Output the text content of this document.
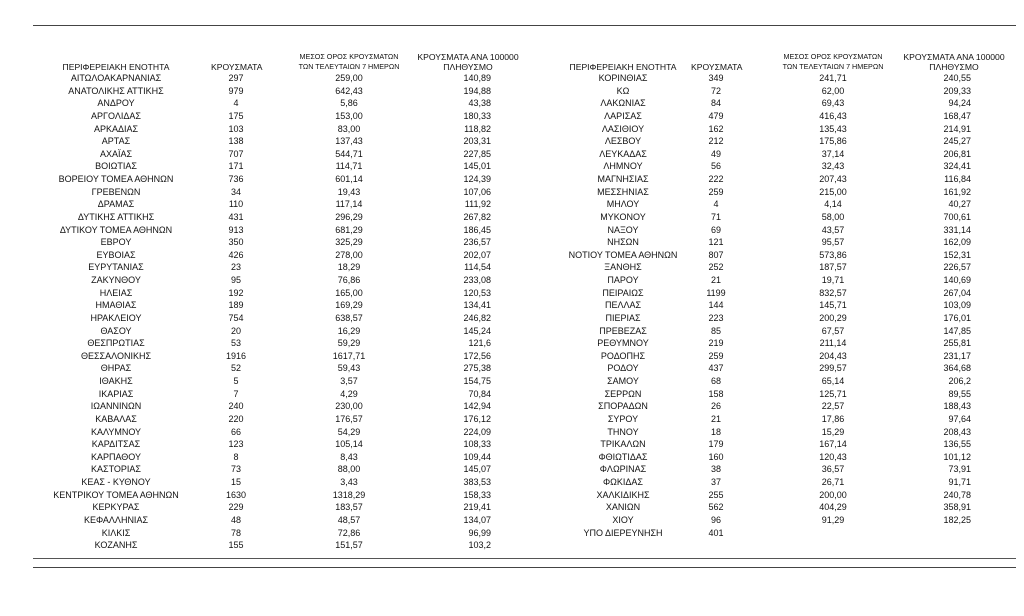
ΠΕΡΙΦΕΡΕΙΑΚΗ ΕΝΟΤΗΤΑ	ΚΡΟΥΣΜΑΤΑ
ΜΕΣΟΣ ΟΡΟΣ ΚΡΟΥΣΜΑΤΩΝ
ΤΩΝ ΤΕΛΕΥΤΑΙΩΝ 7 ΗΜΕΡΩΝ
ΚΡΟΥΣΜΑΤΑ ΑΝΑ 100000
ΠΛΗΘΥΣΜΟ
ΑΙΤΩΛΟΑΚΑΡΝΑΝΙΑΣ	297	259,00	140,89
ΑΝΑΤΟΛΙΚΗΣ ΑΤΤΙΚΗΣ	979	642,43	194,88
ΑΝΔΡΟΥ	4	5,86	43,38
ΑΡΓΟΛΙΔΑΣ	175	153,00	180,33
ΑΡΚΑΔΙΑΣ	103	83,00	118,82
ΑΡΤΑΣ	138	137,43	203,31
ΑΧΑΪΑΣ	707	544,71	227,85
ΒΟΙΩΤΙΑΣ	171	114,71	145,01
ΒΟΡΕΙΟΥ ΤΟΜΕΑ ΑΘΗΝΩΝ	736	601,14	124,39
ΓΡΕΒΕΝΩΝ	34	19,43	107,06
ΔΡΑΜΑΣ	110	117,14	111,92
ΔΥΤΙΚΗΣ ΑΤΤΙΚΗΣ	431	296,29	267,82
ΔΥΤΙΚΟΥ ΤΟΜΕΑ ΑΘΗΝΩΝ	913	681,29	186,45
ΕΒΡΟΥ	350	325,29	236,57
ΕΥΒΟΙΑΣ	426	278,00	202,07
ΕΥΡΥΤΑΝΙΑΣ	23	18,29	114,54
ΖΑΚΥΝΘΟΥ	95	76,86	233,08
ΗΛΕΙΑΣ	192	165,00	120,53
ΗΜΑΘΙΑΣ	189	169,29	134,41
ΗΡΑΚΛΕΙΟΥ	754	638,57	246,82
ΘΑΣΟΥ	20	16,29	145,24
ΘΕΣΠΡΩΤΙΑΣ	53	59,29	121,6
ΘΕΣΣΑΛΟΝΙΚΗΣ	1916	1617,71	172,56
ΘΗΡΑΣ	52	59,43	275,38
ΙΘΑΚΗΣ	5	3,57	154,75
ΙΚΑΡΙΑΣ	7	4,29	70,84
ΙΩΑΝΝΙΝΩΝ	240	230,00	142,94
ΚΑΒΑΛΑΣ	220	176,57	176,12
ΚΑΛΥΜΝΟΥ	66	54,29	224,09
ΚΑΡΔΙΤΣΑΣ	123	105,14	108,33
ΚΑΡΠΑΘΟΥ	8	8,43	109,44
ΚΑΣΤΟΡΙΑΣ	73	88,00	145,07
ΚΕΑΣ - ΚΥΘΝΟΥ	15	3,43	383,53
ΚΕΝΤΡΙΚΟΥ ΤΟΜΕΑ ΑΘΗΝΩΝ	1630	1318,29	158,33
ΚΕΡΚΥΡΑΣ	229	183,57	219,41
ΚΕΦΑΛΛΗΝΙΑΣ	48	48,57	134,07
ΚΙΛΚΙΣ	78	72,86	96,99
ΚΟΖΑΝΗΣ	155	151,57	103,2
ΠΕΡΙΦΕΡΕΙΑΚΗ ΕΝΟΤΗΤΑ	ΚΡΟΥΣΜΑΤΑ
ΜΕΣΟΣ ΟΡΟΣ ΚΡΟΥΣΜΑΤΩΝ
ΤΩΝ ΤΕΛΕΥΤΑΙΩΝ 7 ΗΜΕΡΩΝ
ΚΡΟΥΣΜΑΤΑ ΑΝΑ 100000
ΠΛΗΘΥΣΜΟ
ΚΟΡΙΝΘΙΑΣ	349	241,71	240,55
ΚΩ	72	62,00	209,33
ΛΑΚΩΝΙΑΣ	84	69,43	94,24
ΛΑΡΙΣΑΣ	479	416,43	168,47
ΛΑΣΙΘΙΟΥ	162	135,43	214,91
ΛΕΣΒΟΥ	212	175,86	245,27
ΛΕΥΚΑΔΑΣ	49	37,14	206,81
ΛΗΜΝΟΥ	56	32,43	324,41
ΜΑΓΝΗΣΙΑΣ	222	207,43	116,84
ΜΕΣΣΗΝΙΑΣ	259	215,00	161,92
ΜΗΛΟΥ	4	4,14	40,27
ΜΥΚΟΝΟΥ	71	58,00	700,61
ΝΑΞΟΥ	69	43,57	331,14
ΝΗΣΩΝ	121	95,57	162,09
ΝΟΤΙΟΥ ΤΟΜΕΑ ΑΘΗΝΩΝ	807	573,86	152,31
ΞΑΝΘΗΣ	252	187,57	226,57
ΠΑΡΟΥ	21	19,71	140,69
ΠΕΙΡΑΙΩΣ	1199	832,57	267,04
ΠΕΛΛΑΣ	144	145,71	103,09
ΠΙΕΡΙΑΣ	223	200,29	176,01
ΠΡΕΒΕΖΑΣ	85	67,57	147,85
ΡΕΘΥΜΝΟΥ	219	211,14	255,81
ΡΟΔΟΠΗΣ	259	204,43	231,17
ΡΟΔΟΥ	437	299,57	364,68
ΣΑΜΟΥ	68	65,14	206,2
ΣΕΡΡΩΝ	158	125,71	89,55
ΣΠΟΡΑΔΩΝ	26	22,57	188,43
ΣΥΡΟΥ	21	17,86	97,64
ΤΗΝΟΥ	18	15,29	208,43
ΤΡΙΚΑΛΩΝ	179	167,14	136,55
ΦΘΙΩΤΙΔΑΣ	160	120,43	101,12
ΦΛΩΡΙΝΑΣ	38	36,57	73,91
ΦΩΚΙΔΑΣ	37	26,71	91,71
ΧΑΛΚΙΔΙΚΗΣ	255	200,00	240,78
ΧΑΝΙΩΝ	562	404,29	358,91
ΧΙΟΥ	96	91,29	182,25
ΥΠΟ ΔΙΕΡΕΥΝΗΣΗ	401
